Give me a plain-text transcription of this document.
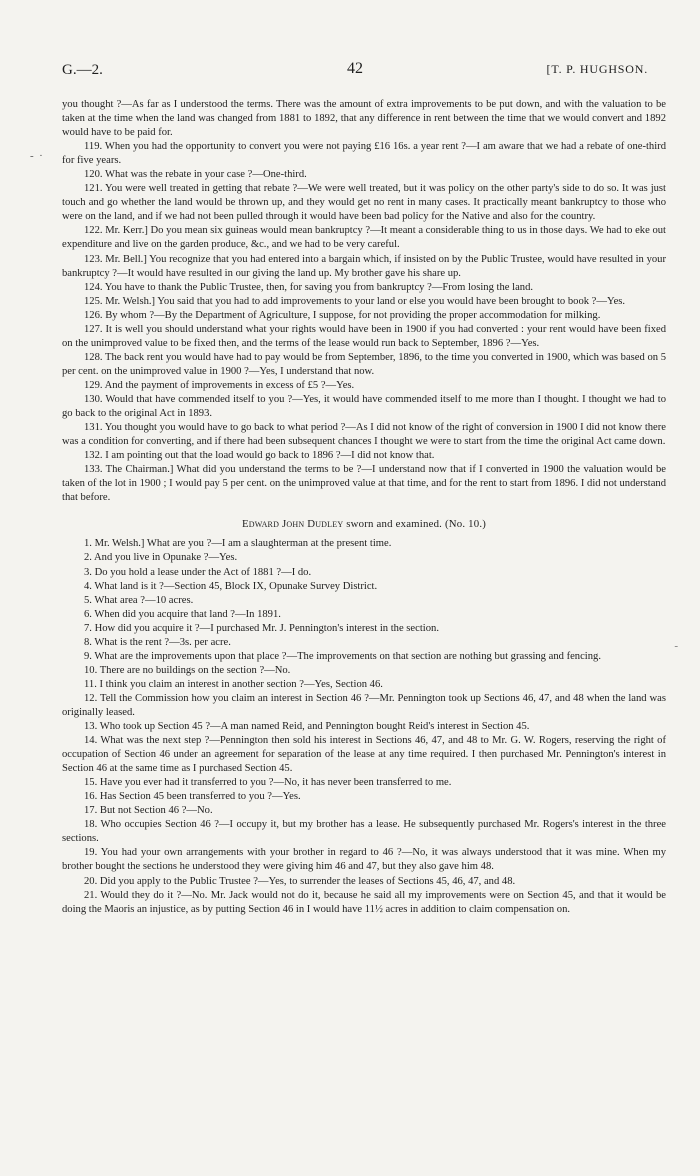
G.—2.	42	[T. P. HUGHSON.
-  ·
-

you thought ?—As far as I understood the terms. There was the amount of extra improvements to be put down, and with the valuation to be taken at the time when the land was changed from 1881 to 1892, that any difference in rent between the time that we would convert and 1892 would have to be paid for.

119. When you had the opportunity to convert you were not paying £16 16s. a year rent ?—I am aware that we had a rebate of one-third for five years.

120. What was the rebate in your case ?—One-third.

121. You were well treated in getting that rebate ?—We were well treated, but it was policy on the other party's side to do so. It was just touch and go whether the land would be thrown up, and they would get no rent in many cases. It practically meant bankruptcy to those who were on the land, and if we had not been pulled through it would have been bad policy for the Native and also for the country.

122. Mr. Kerr.] Do you mean six guineas would mean bankruptcy ?—It meant a considerable thing to us in those days. We had to eke out expenditure and live on the garden produce, &c., and we had to be very careful.

123. Mr. Bell.] You recognize that you had entered into a bargain which, if insisted on by the Public Trustee, would have resulted in your bankruptcy ?—It would have resulted in our giving the land up. My brother gave his share up.

124. You have to thank the Public Trustee, then, for saving you from bankruptcy ?—From losing the land.

125. Mr. Welsh.] You said that you had to add improvements to your land or else you would have been brought to book ?—Yes.

126. By whom ?—By the Department of Agriculture, I suppose, for not providing the proper accommodation for milking.

127. It is well you should understand what your rights would have been in 1900 if you had converted : your rent would have been fixed on the unimproved value to be fixed then, and the terms of the lease would run back to September, 1896 ?—Yes.

128. The back rent you would have had to pay would be from September, 1896, to the time you converted in 1900, which was based on 5 per cent. on the unimproved value in 1900 ?—Yes, I understand that now.

129. And the payment of improvements in excess of £5 ?—Yes.

130. Would that have commended itself to you ?—Yes, it would have commended itself to me more than I thought. I thought we had to go back to the original Act in 1893.

131. You thought you would have to go back to what period ?—As I did not know of the right of conversion in 1900 I did not know there was a condition for converting, and if there had been subsequent chances I thought we were to start from the time the original Act came down.

132. I am pointing out that the load would go back to 1896 ?—I did not know that.

133. The Chairman.] What did you understand the terms to be ?—I understand now that if I converted in 1900 the valuation would be taken of the lot in 1900 ; I would pay 5 per cent. on the unimproved value at that time, and for the rent to start from 1896. I did not understand that before.

Edward John Dudley sworn and examined. (No. 10.)

1. Mr. Welsh.] What are you ?—I am a slaughterman at the present time.

2. And you live in Opunake ?—Yes.

3. Do you hold a lease under the Act of 1881 ?—I do.

4. What land is it ?—Section 45, Block IX, Opunake Survey District.

5. What area ?—10 acres.

6. When did you acquire that land ?—In 1891.

7. How did you acquire it ?—I purchased Mr. J. Pennington's interest in the section.

8. What is the rent ?—3s. per acre.

9. What are the improvements upon that place ?—The improvements on that section are nothing but grassing and fencing.

10. There are no buildings on the section ?—No.

11. I think you claim an interest in another section ?—Yes, Section 46.

12. Tell the Commission how you claim an interest in Section 46 ?—Mr. Pennington took up Sections 46, 47, and 48 when the land was originally leased.

13. Who took up Section 45 ?—A man named Reid, and Pennington bought Reid's interest in Section 45.

14. What was the next step ?—Pennington then sold his interest in Sections 46, 47, and 48 to Mr. G. W. Rogers, reserving the right of occupation of Section 46 under an agreement for separation of the lease at any time required. I then purchased Mr. Pennington's interest in Section 46 at the same time as I purchased Section 45.

15. Have you ever had it transferred to you ?—No, it has never been transferred to me.

16. Has Section 45 been transferred to you ?—Yes.

17. But not Section 46 ?—No.

18. Who occupies Section 46 ?—I occupy it, but my brother has a lease. He subsequently purchased Mr. Rogers's interest in the three sections.

19. You had your own arrangements with your brother in regard to 46 ?—No, it was always understood that it was mine. When my brother bought the sections he understood they were giving him 46 and 47, but they also gave him 48.

20. Did you apply to the Public Trustee ?—Yes, to surrender the leases of Sections 45, 46, 47, and 48.

21. Would they do it ?—No. Mr. Jack would not do it, because he said all my improvements were on Section 45, and that it would be doing the Maoris an injustice, as by putting Section 46 in I would have 11½ acres in addition to claim compensation on.
